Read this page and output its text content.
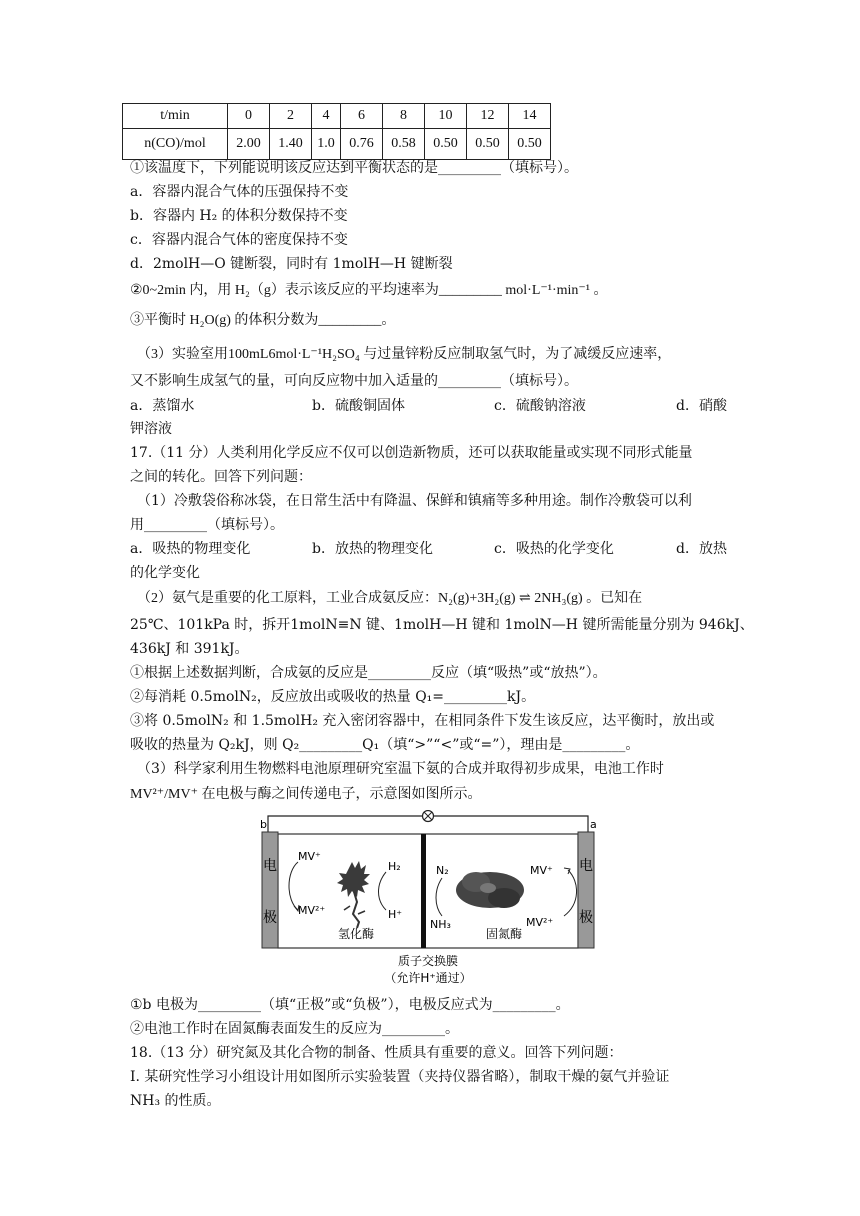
t/min	0	2	4	6	8	10	12	14
n(CO)/mol	2.00	1.40	1.0	0.76	0.58	0.50	0.50	0.50
①该温度下，下列能说明该反应达到平衡状态的是_________（填标号）。
a．容器内混合气体的压强保持不变
b．容器内 H₂ 的体积分数保持不变
c．容器内混合气体的密度保持不变
d．2molH—O 键断裂，同时有 1molH—H 键断裂
②0~2min 内，用 H₂（g）表示该反应的平均速率为_________ mol·L⁻¹·min⁻¹ 。
③平衡时 H₂O(g) 的体积分数为_________。
（3）实验室用100mL6mol·L⁻¹H₂SO₄ 与过量锌粉反应制取氢气时，为了减缓反应速率，
又不影响生成氢气的量，可向反应物中加入适量的_________（填标号）。
a．蒸馏水	b．硫酸铜固体	c．硫酸钠溶液	d．硝酸
钾溶液
17.（11 分）人类利用化学反应不仅可以创造新物质，还可以获取能量或实现不同形式能量
之间的转化。回答下列问题：
（1）冷敷袋俗称冰袋，在日常生活中有降温、保鲜和镇痛等多种用途。制作冷敷袋可以利
用_________（填标号）。
a．吸热的物理变化	b．放热的物理变化	c．吸热的化学变化	d．放热
的化学变化
（2）氨气是重要的化工原料，工业合成氨反应：N₂(g)+3H₂(g) ⇌ 2NH₃(g) 。已知在
25℃、101kPa 时，拆开1molN≡N 键、1molH—H 键和 1molN—H 键所需能量分别为 946kJ、
436kJ 和 391kJ。
①根据上述数据判断，合成氨的反应是_________反应（填“吸热”或“放热”）。
②每消耗 0.5molN₂，反应放出或吸收的热量 Q₁=_________kJ。
③将 0.5molN₂ 和 1.5molH₂ 充入密闭容器中，在相同条件下发生该反应，达平衡时，放出或
吸收的热量为 Q₂kJ，则 Q₂_________Q₁（填“>”“<”或“=”），理由是_________。
（3）科学家利用生物燃料电池原理研究室温下氨的合成并取得初步成果，电池工作时
MV²⁺/MV⁺ 在电极与酶之间传递电子，示意图如图所示。
b	a
电
极
电
极
MV⁺
MV²⁺
H₂
H⁺
氢化酶
N₂
NH₃
MV⁺
MV²⁺
固氮酶
质子交换膜
（允许H⁺通过）
①b 电极为_________（填“正极”或“负极”），电极反应式为_________。
②电池工作时在固氮酶表面发生的反应为_________。
18.（13 分）研究氮及其化合物的制备、性质具有重要的意义。回答下列问题：
Ⅰ. 某研究性学习小组设计用如图所示实验装置（夹持仪器省略），制取干燥的氨气并验证
NH₃ 的性质。
